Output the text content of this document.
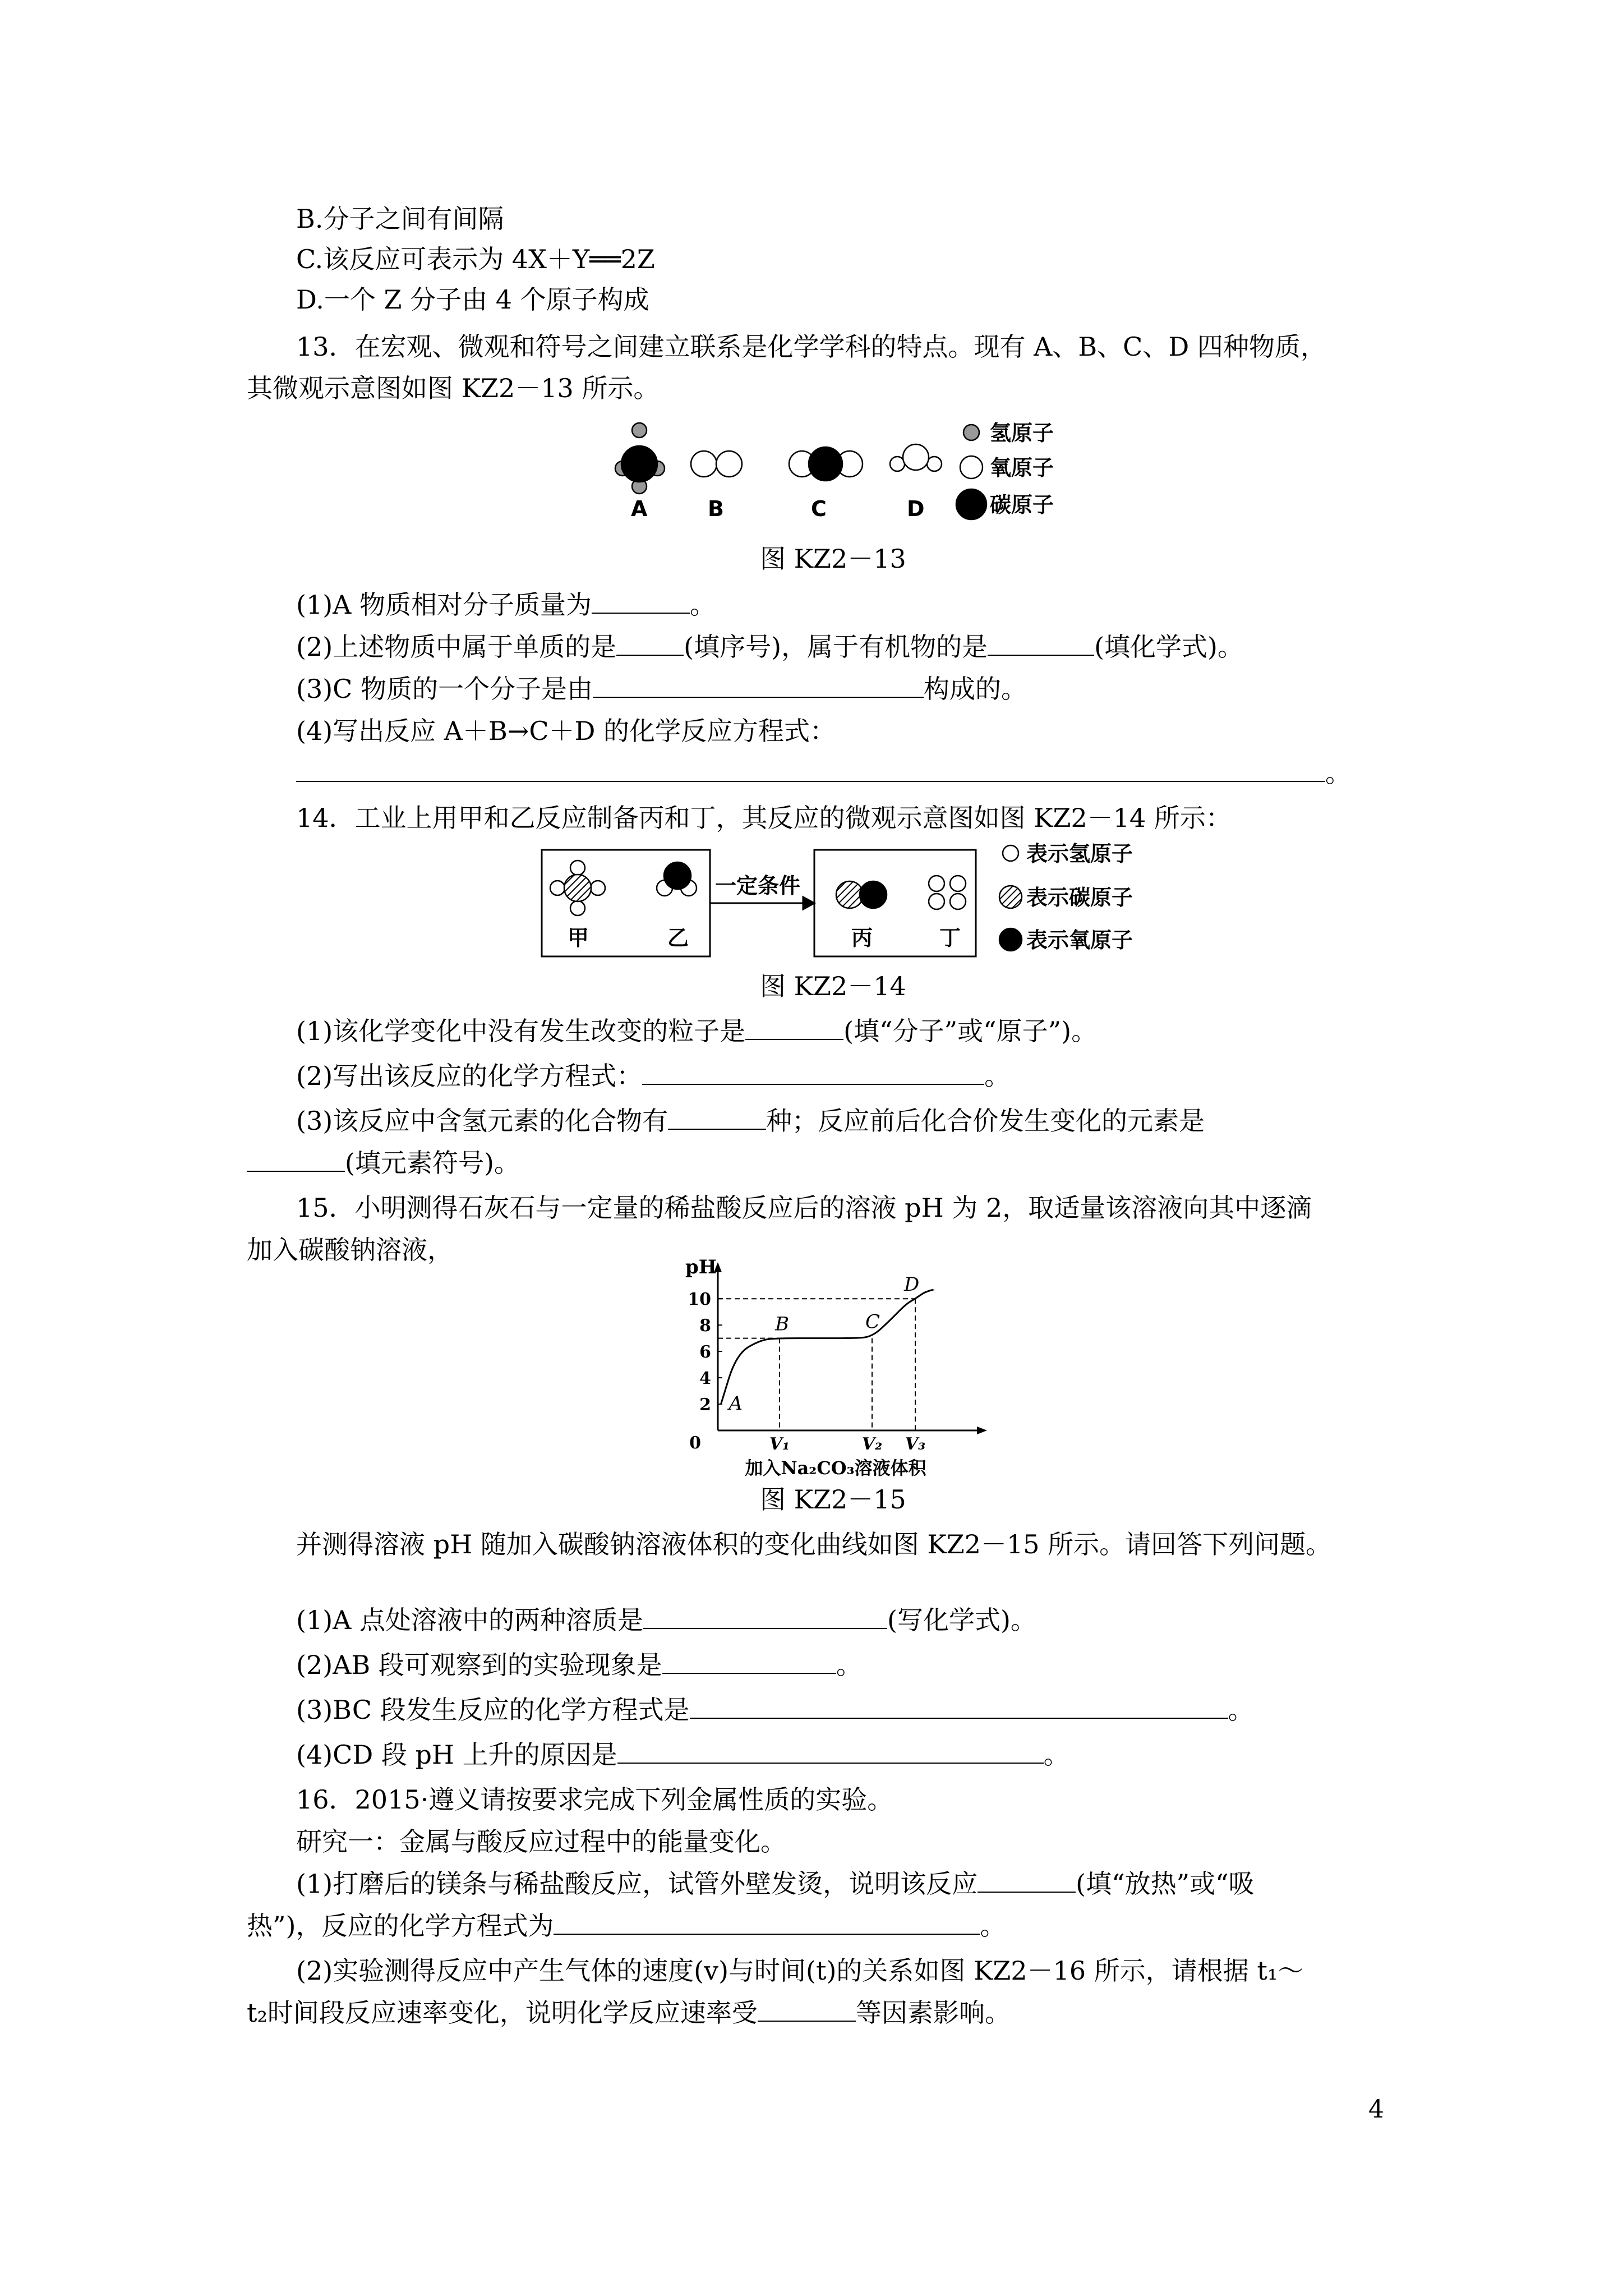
B.分子之间有间隔
C.该反应可表示为 4X＋Y══2Z
D.一个 Z 分子由 4 个原子构成
13．在宏观、微观和符号之间建立联系是化学学科的特点。现有 A、B、C、D 四种物质，
其微观示意图如图 KZ2－13 所示。
A	B	C	D
氢原子
氧原子
碳原子
图 KZ2－13
(1)A 物质相对分子质量为	。
(2)上述物质中属于单质的是	(填序号)，属于有机物的是	(填化学式)。
(3)C 物质的一个分子是由	构成的。
(4)写出反应 A＋B→C＋D 的化学反应方程式：
。
14．工业上用甲和乙反应制备丙和丁，其反应的微观示意图如图 KZ2－14 所示：
一定条件
甲	乙	丙	丁
表示氢原子
表示碳原子
表示氧原子
图 KZ2－14
(1)该化学变化中没有发生改变的粒子是	(填“分子”或“原子”)。
(2)写出该反应的化学方程式：	。
(3)该反应中含氢元素的化合物有	种；反应前后化合价发生变化的元素是
(填元素符号)。
15．小明测得石灰石与一定量的稀盐酸反应后的溶液 pH 为 2，取适量该溶液向其中逐滴
加入碳酸钠溶液，
pH
0
2
4
6
8
10
A
B	C
D
V₁	V₂ V₃
加入Na₂CO₃溶液体积
图 KZ2－15
并测得溶液 pH 随加入碳酸钠溶液体积的变化曲线如图 KZ2－15 所示。请回答下列问题。
(1)A 点处溶液中的两种溶质是	(写化学式)。
(2)AB 段可观察到的实验现象是	。
(3)BC 段发生反应的化学方程式是	。
(4)CD 段 pH 上升的原因是	。
16．2015·遵义请按要求完成下列金属性质的实验。
研究一：金属与酸反应过程中的能量变化。
(1)打磨后的镁条与稀盐酸反应，试管外壁发烫，说明该反应	(填“放热”或“吸
热”)，反应的化学方程式为	。
(2)实验测得反应中产生气体的速度(v)与时间(t)的关系如图 KZ2－16 所示，请根据 t₁～
t₂时间段反应速率变化，说明化学反应速率受	等因素影响。
4
